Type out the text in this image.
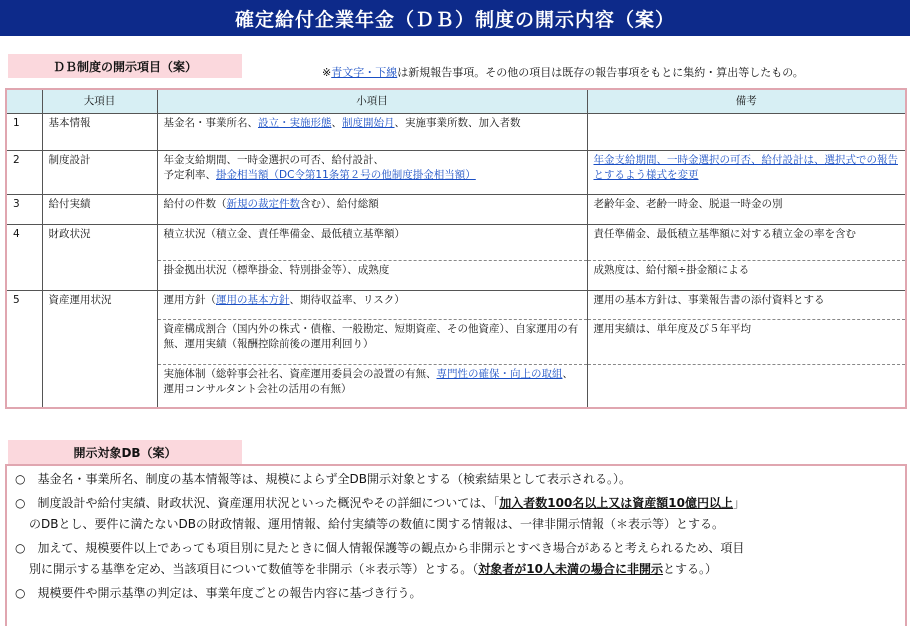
確定給付企業年金（ＤＢ）制度の開示内容（案）
ＤＢ制度の開示項目（案）	※青文字・下線は新規報告事項。その他の項目は既存の報告事項をもとに集約・算出等したもの。
	大項目	小項目	備考
1	基本情報	基金名・事業所名、設立・実施形態、制度開始月、実施事業所数、加入者数	
2	制度設計	年金支給期間、一時金選択の可否、給付設計、
予定利率、掛金相当額（DC令第11条第２号の他制度掛金相当額）	年金支給期間、一時金選択の可否、給付設計は、選択式での報告とするよう様式を変更
3	給付実績	給付の件数（新規の裁定件数含む）、給付総額	老齢年金、老齢一時金、脱退一時金の別
4	財政状況	積立状況（積立金、責任準備金、最低積立基準額）	責任準備金、最低積立基準額に対する積立金の率を含む
		掛金拠出状況（標準掛金、特別掛金等）、成熟度	成熟度は、給付額÷掛金額による
5	資産運用状況	運用方針（運用の基本方針、期待収益率、リスク）	運用の基本方針は、事業報告書の添付資料とする
		資産構成割合（国内外の株式・債権、一般勘定、短期資産、その他資産）、自家運用の有無、運用実績（報酬控除前後の運用利回り）	運用実績は、単年度及び５年平均
		実施体制（総幹事会社名、資産運用委員会の設置の有無、専門性の確保・向上の取組、運用コンサルタント会社の活用の有無）	
開示対象DB（案）
○ 基金名・事業所名、制度の基本情報等は、規模によらず全DB開示対象とする（検索結果として表示される。）。
○ 制度設計や給付実績、財政状況、資産運用状況といった概況やその詳細については、「加入者数100名以上又は資産額10億円以上」
のDBとし、要件に満たないDBの財政情報、運用情報、給付実績等の数値に関する情報は、一律非開示情報（＊表示等）とする。
○ 加えて、規模要件以上であっても項目別に見たときに個人情報保護等の観点から非開示とすべき場合があると考えられるため、項目
別に開示する基準を定め、当該項目について数値等を非開示（＊表示等）とする。（対象者が10人未満の場合に非開示とする。）
○ 規模要件や開示基準の判定は、事業年度ごとの報告内容に基づき行う。
